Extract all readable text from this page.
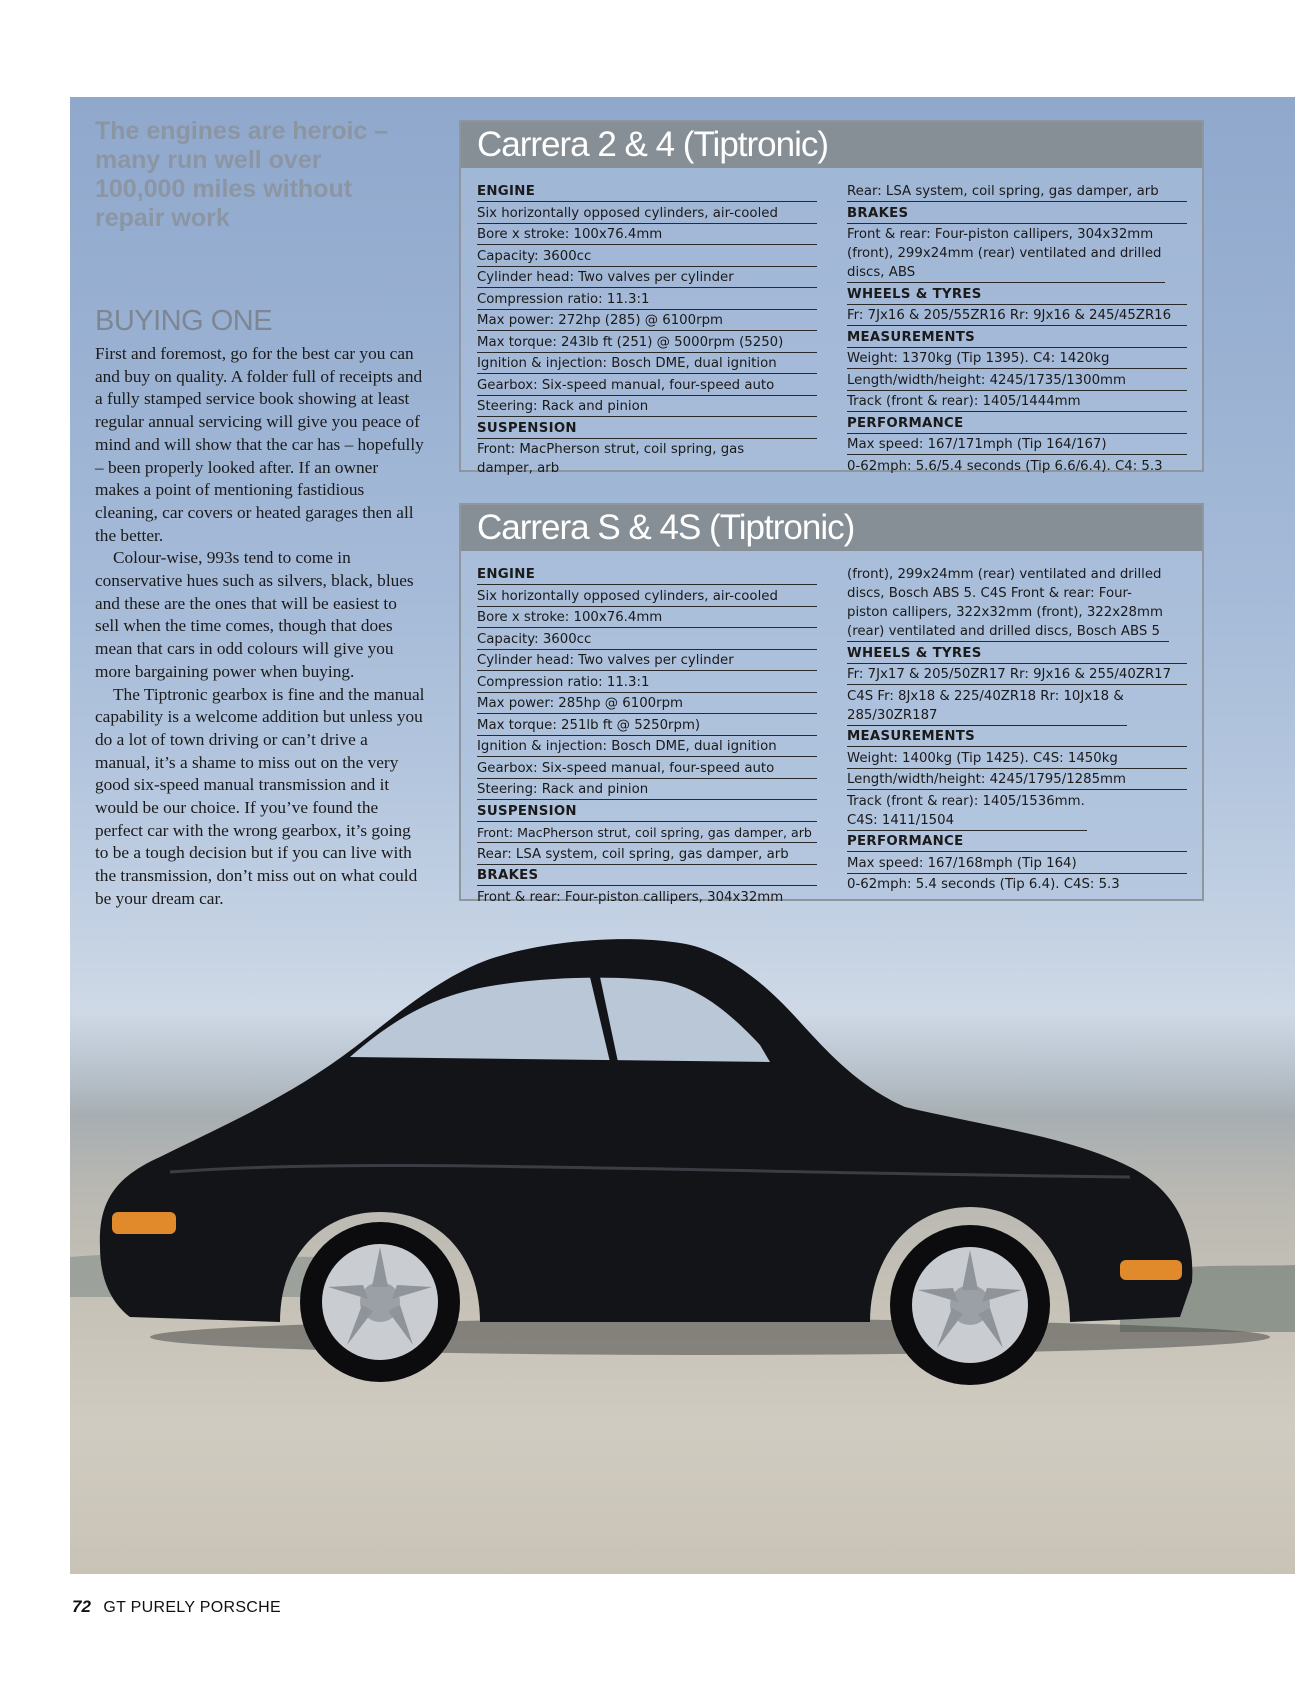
The engines are heroic – many run well over 100,000 miles without repair work

BUYING ONE

First and foremost, go for the best car you can and buy on quality. A folder full of receipts and a fully stamped service book showing at least regular annual servicing will give you peace of mind and will show that the car has – hopefully – been properly looked after. If an owner makes a point of mentioning fastidious cleaning, car covers or heated garages then all the better.

Colour-wise, 993s tend to come in conservative hues such as silvers, black, blues and these are the ones that will be easiest to sell when the time comes, though that does mean that cars in odd colours will give you more bargaining power when buying.

The Tiptronic gearbox is fine and the manual capability is a welcome addition but unless you do a lot of town driving or can’t drive a manual, it’s a shame to miss out on the very good six-speed manual transmission and it would be our choice. If you’ve found the perfect car with the wrong gearbox, it’s going to be a tough decision but if you can live with the transmission, don’t miss out on what could be your dream car.

Carrera 2 & 4 (Tiptronic)
ENGINE
Six horizontally opposed cylinders, air-cooled
Bore x stroke: 100x76.4mm
Capacity: 3600cc
Cylinder head: Two valves per cylinder
Compression ratio: 11.3:1
Max power: 272hp (285) @ 6100rpm
Max torque: 243lb ft (251) @ 5000rpm (5250)
Ignition & injection: Bosch DME, dual ignition
Gearbox: Six-speed manual, four-speed auto
Steering: Rack and pinion
SUSPENSION
Front: MacPherson strut, coil spring, gas damper, arb
Rear: LSA system, coil spring, gas damper, arb
BRAKES
Front & rear: Four-piston callipers, 304x32mm (front), 299x24mm (rear) ventilated and drilled discs, ABS
WHEELS & TYRES
Fr: 7Jx16 & 205/55ZR16 Rr: 9Jx16 & 245/45ZR16
MEASUREMENTS
Weight: 1370kg (Tip 1395). C4: 1420kg
Length/width/height: 4245/1735/1300mm
Track (front & rear): 1405/1444mm
PERFORMANCE
Max speed: 167/171mph (Tip 164/167)
0-62mph: 5.6/5.4 seconds (Tip 6.6/6.4). C4: 5.3
Carrera S & 4S (Tiptronic)
ENGINE
Six horizontally opposed cylinders, air-cooled
Bore x stroke: 100x76.4mm
Capacity: 3600cc
Cylinder head: Two valves per cylinder
Compression ratio: 11.3:1
Max power: 285hp @ 6100rpm
Max torque: 251lb ft @ 5250rpm)
Ignition & injection: Bosch DME, dual ignition
Gearbox: Six-speed manual, four-speed auto
Steering: Rack and pinion
SUSPENSION
Front: MacPherson strut, coil spring, gas damper, arb
Rear: LSA system, coil spring, gas damper, arb
BRAKES
Front & rear: Four-piston callipers, 304x32mm
(front), 299x24mm (rear) ventilated and drilled discs, Bosch ABS 5. C4S Front & rear: Four-piston callipers, 322x32mm (front), 322x28mm (rear) ventilated and drilled discs, Bosch ABS 5
WHEELS & TYRES
Fr: 7Jx17 & 205/50ZR17 Rr: 9Jx16 & 255/40ZR17
C4S Fr: 8Jx18 & 225/40ZR18 Rr: 10Jx18 & 285/30ZR187
MEASUREMENTS
Weight: 1400kg (Tip 1425). C4S: 1450kg
Length/width/height: 4245/1795/1285mm
Track (front & rear): 1405/1536mm. C4S: 1411/1504
PERFORMANCE
Max speed: 167/168mph (Tip 164)
0-62mph: 5.4 seconds (Tip 6.4). C4S: 5.3
72 GT PURELY PORSCHE
